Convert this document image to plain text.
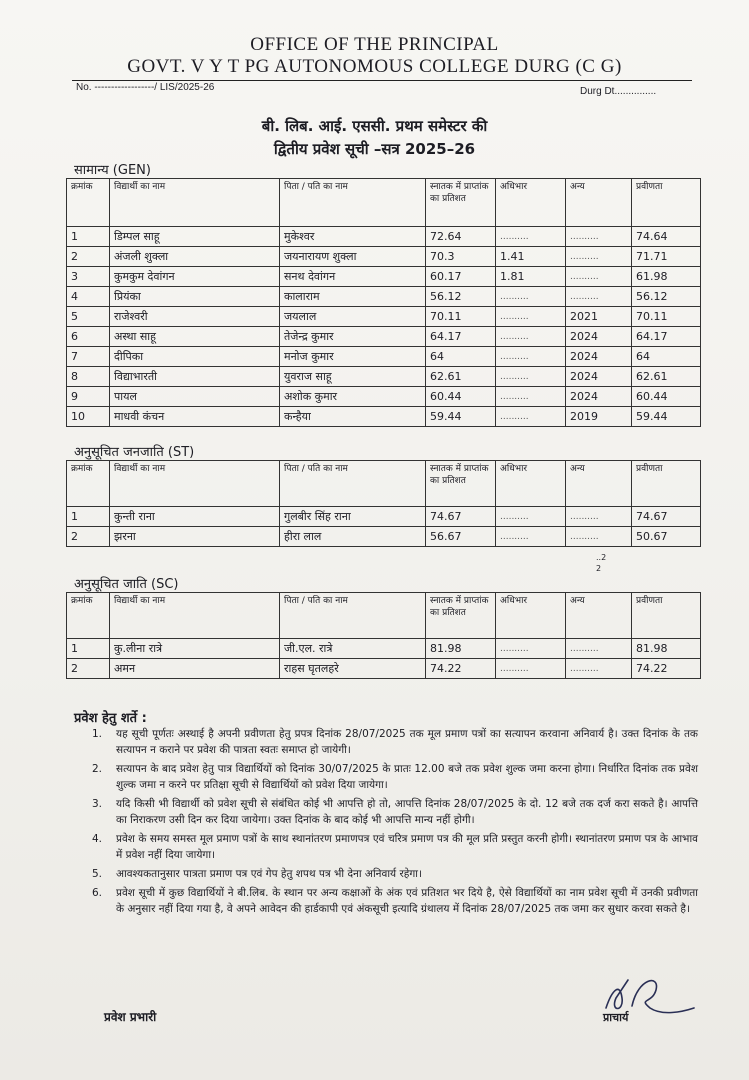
OFFICE OF THE PRINCIPAL
GOVT. V Y T PG AUTONOMOUS COLLEGE DURG (C G)
No. ------------------/ LIS/2025-26	Durg Dt...............
बी. लिब. आई. एससी. प्रथम समेस्टर की
द्वितीय प्रवेश सूची –सत्र 2025–26
सामान्य (GEN)
क्रमांक	विद्यार्थी का नाम	पिता / पति का नाम	स्नातक में प्राप्तांक का प्रतिशत	अधिभार	अन्य	प्रवीणता
1	डिम्पल साहू	मुकेश्वर	72.64	..........	..........	74.64
2	अंजली शुक्ला	जयनारायण शुक्ला	70.3	1.41	..........	71.71
3	कुमकुम देवांगन	सनथ देवांगन	60.17	1.81	..........	61.98
4	प्रियंका	कालाराम	56.12	..........	..........	56.12
5	राजेश्वरी	जयलाल	70.11	..........	2021	70.11
6	अस्था साहू	तेजेन्द्र कुमार	64.17	..........	2024	64.17
7	दीपिका	मनोज कुमार	64	..........	2024	64
8	विद्याभारती	युवराज साहू	62.61	..........	2024	62.61
9	पायल	अशोक कुमार	60.44	..........	2024	60.44
10	माधवी कंचन	कन्हैया	59.44	..........	2019	59.44
अनुसूचित जनजाति (ST)
क्रमांक	विद्यार्थी का नाम	पिता / पति का नाम	स्नातक में प्राप्तांक का प्रतिशत	अधिभार	अन्य	प्रवीणता
1	कुन्ती राना	गुलबीर सिंह राना	74.67	..........	..........	74.67
2	झरना	हीरा लाल	56.67	..........	..........	50.67
..2
2
अनुसूचित जाति (SC)
क्रमांक	विद्यार्थी का नाम	पिता / पति का नाम	स्नातक में प्राप्तांक का प्रतिशत	अधिभार	अन्य	प्रवीणता
1	कु.लीना रात्रे	जी.एल. रात्रे	81.98	..........	..........	81.98
2	अमन	राहस घृतलहरे	74.22	..........	..........	74.22
प्रवेश हेतु शर्ते :
1. यह सूची पूर्णतः अस्थाई है अपनी प्रवीणता हेतु प्रपत्र दिनांक 28/07/2025 तक मूल प्रमाण पत्रों का सत्यापन करवाना अनिवार्य है। उक्त दिनांक के तक सत्यापन न कराने पर प्रवेश की पात्रता स्वतः समाप्त हो जायेगी।
2. सत्यापन के बाद प्रवेश हेतु पात्र विद्यार्थियों को दिनांक 30/07/2025 के प्रातः 12.00 बजे तक प्रवेश शुल्क जमा करना होगा। निर्धारित दिनांक तक प्रवेश शुल्क जमा न करने पर प्रतिक्षा सूची से विद्यार्थियों को प्रवेश दिया जायेगा।
3. यदि किसी भी विद्यार्थी को प्रवेश सूची से संबंधित कोई भी आपत्ति हो तो, आपत्ति दिनांक 28/07/2025 के दो. 12 बजे तक दर्ज करा सकते है। आपत्ति का निराकरण उसी दिन कर दिया जायेगा। उक्त दिनांक के बाद कोई भी आपत्ति मान्य नहीं होगी।
4. प्रवेश के समय समस्त मूल प्रमाण पत्रों के साथ स्थानांतरण प्रमाणपत्र एवं चरित्र प्रमाण पत्र की मूल प्रति प्रस्तुत करनी होगी। स्थानांतरण प्रमाण पत्र के आभाव में प्रवेश नहीं दिया जायेगा।
5. आवश्यकतानुसार पात्रता प्रमाण पत्र एवं गेप हेतु शपथ पत्र भी देना अनिवार्य रहेगा।
6. प्रवेश सूची में कुछ विद्यार्थियों ने बी.लिब. के स्थान पर अन्य कक्षाओं के अंक एवं प्रतिशत भर दिये है, ऐसे विद्यार्थियों का नाम प्रवेश सूची में उनकी प्रवीणता के अनुसार नहीं दिया गया है, वे अपने आवेदन की हार्डकापी एवं अंकसूची इत्यादि ग्रंथालय में दिनांक 28/07/2025 तक जमा कर सुधार करवा सकते है।
प्रवेश प्रभारी	प्राचार्य
